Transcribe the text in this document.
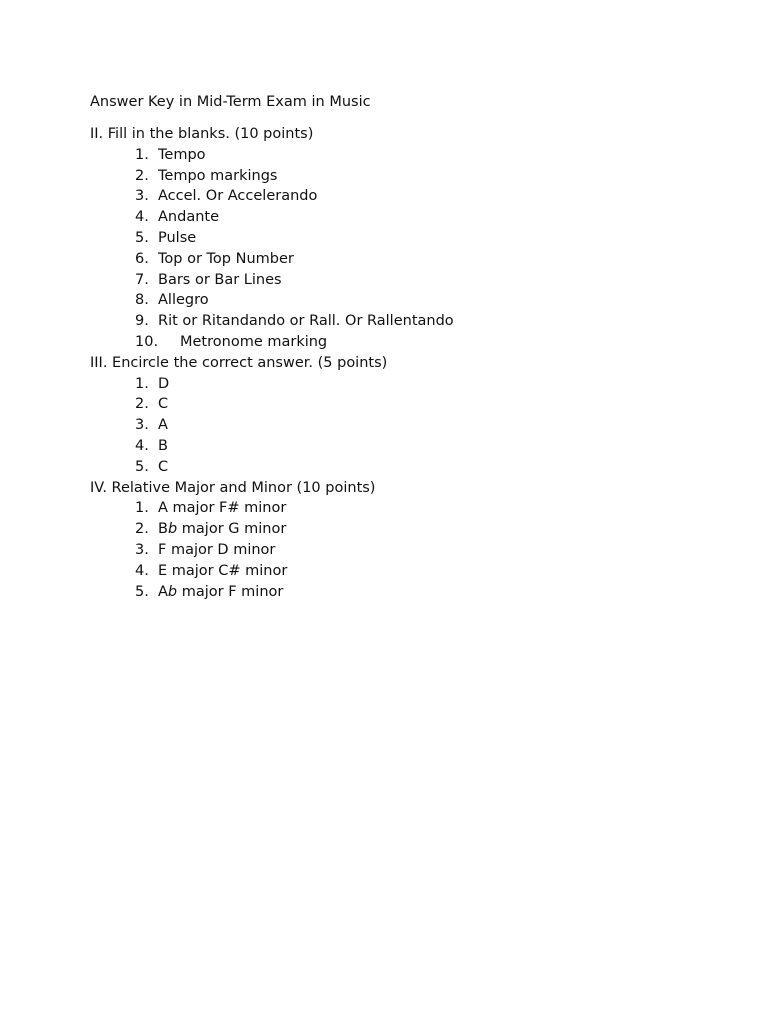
Answer Key in Mid-Term Exam in Music
II. Fill in the blanks. (10 points)
1. Tempo
2. Tempo markings
3. Accel. Or Accelerando
4. Andante
5. Pulse
6. Top or Top Number
7. Bars or Bar Lines
8. Allegro
9. Rit or Ritandando or Rall. Or Rallentando
10. Metronome marking
III. Encircle the correct answer. (5 points)
1. D
2. C
3. A
4. B
5. C
IV. Relative Major and Minor (10 points)
1. A major F# minor
2. Bb major G minor
3. F major D minor
4. E major C# minor
5. Ab major F minor
